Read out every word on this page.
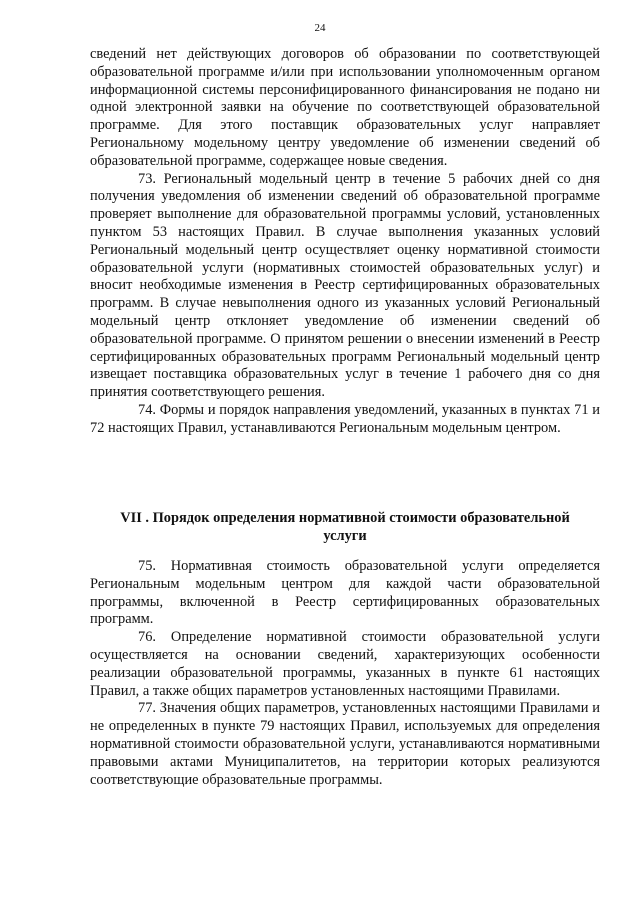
24

сведений нет действующих договоров об образовании по соответствующей образовательной программе и/или при использовании уполномоченным органом информационной системы персонифицированного финансирования не подано ни одной электронной заявки на обучение по соответствующей образовательной программе. Для этого поставщик образовательных услуг направляет Региональному модельному центру уведомление об изменении сведений об образовательной программе, содержащее новые сведения.

73. Региональный модельный центр в течение 5 рабочих дней со дня получения уведомления об изменении сведений об образовательной программе проверяет выполнение для образовательной программы условий, установленных пунктом 53 настоящих Правил. В случае выполнения указанных условий Региональный модельный центр осуществляет оценку нормативной стоимости образовательной услуги (нормативных стоимостей образовательных услуг) и вносит необходимые изменения в Реестр сертифицированных образовательных программ. В случае невыполнения одного из указанных условий Региональный модельный центр отклоняет уведомление об изменении сведений об образовательной программе. О принятом решении о внесении изменений в Реестр сертифицированных образовательных программ Региональный модельный центр извещает поставщика образовательных услуг в течение 1 рабочего дня со дня принятия соответствующего решения.

74. Формы и порядок направления уведомлений, указанных в пунктах 71 и 72 настоящих Правил, устанавливаются Региональным модельным центром.

VII . Порядок определения нормативной стоимости образовательной
услуги

75. Нормативная стоимость образовательной услуги определяется Региональным модельным центром для каждой части образовательной программы, включенной в Реестр сертифицированных образовательных программ.

76. Определение нормативной стоимости образовательной услуги осуществляется на основании сведений, характеризующих особенности реализации образовательной программы, указанных в пункте 61 настоящих Правил, а также общих параметров установленных настоящими Правилами.

77. Значения общих параметров, установленных настоящими Правилами и не определенных в пункте 79 настоящих Правил, используемых для определения нормативной стоимости образовательной услуги, устанавливаются нормативными правовыми актами Муниципалитетов, на территории которых реализуются соответствующие образовательные программы.
